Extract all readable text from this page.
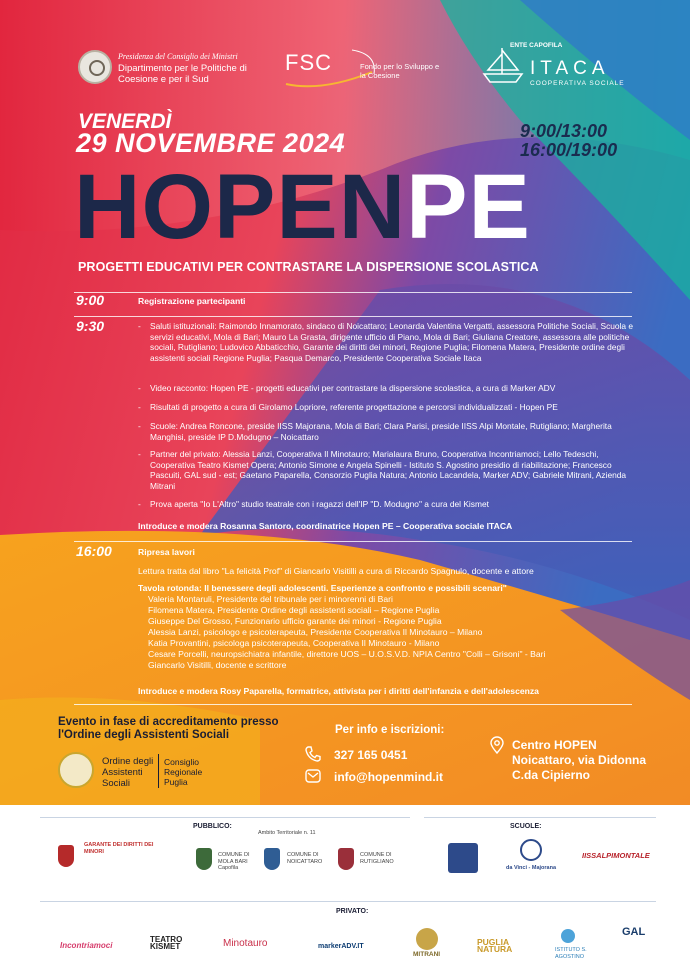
Presidenza del Consiglio dei Ministri
Dipartimento per le Politiche di Coesione e per il Sud
FSC	Fondo per lo Sviluppo e la Coesione
ENTE CAPOFILA
ITACA
COOPERATIVA SOCIALE
VENERDÌ
29 NOVEMBRE 2024	9:00/13:00
16:00/19:00
HOPENPE
PROGETTI EDUCATIVI PER CONTRASTARE LA DISPERSIONE SCOLASTICA
9:00	Registrazione partecipanti
9:30
-	Saluti istituzionali: Raimondo Innamorato, sindaco di Noicattaro; Leonarda Valentina Vergatti, assessora Politiche Sociali, Scuola e servizi educativi, Mola di Bari; Mauro La Grasta, dirigente ufficio di Piano, Mola di Bari; Giuliana Creatore, assessora alle politiche sociali, Rutigliano; Ludovico Abbaticchio, Garante dei diritti dei minori, Regione Puglia; Filomena Matera, Presidente ordine degli assistenti sociali Regione Puglia; Pasqua Demarco, Presidente Cooperativa Sociale Itaca
- Video racconto: Hopen PE - progetti educativi per contrastare la dispersione scolastica, a cura di Marker ADV
- Risultati di progetto a cura di Girolamo Lopriore, referente progettazione e percorsi individualizzati - Hopen PE
- Scuole: Andrea Roncone, preside IISS Majorana, Mola di Bari; Clara Parisi, preside IISS Alpi Montale, Rutigliano; Margherita Manghisi, preside IP D.Modugno – Noicattaro
- Partner del privato: Alessia Lanzi, Cooperativa Il Minotauro; Marialaura Bruno, Cooperativa Incontriamoci; Lello Tedeschi, Cooperativa Teatro Kismet Opera; Antonio Simone e Angela Spinelli - Istituto S. Agostino presidio di riabilitazione; Francesco Pascuiti, GAL sud - est; Gaetano Paparella, Consorzio Puglia Natura; Antonio Lacandela, Marker ADV; Gabriele Mitrani, Azienda Mitrani
- Prova aperta "Io L'Altro" studio teatrale con i ragazzi dell'IP "D. Modugno" a cura del Kismet
Introduce e modera Rosanna Santoro, coordinatrice Hopen PE – Cooperativa sociale ITACA
16:00	Ripresa lavori
Lettura tratta dal libro "La felicità Prof" di Giancarlo Visitilli a cura di Riccardo Spagnulo, docente e attore
Tavola rotonda: Il benessere degli adolescenti. Esperienze a confronto e possibili scenari"
Valeria Montaruli, Presidente del tribunale per i minorenni di Bari
Filomena Matera, Presidente Ordine degli assistenti sociali – Regione Puglia
Giuseppe Del Grosso, Funzionario ufficio garante dei minori - Regione Puglia
Alessia Lanzi, psicologo e psicoterapeuta, Presidente Cooperativa Il Minotauro – Milano
Katia Provantini, psicologa psicoterapeuta, Cooperativa Il Minotauro - Milano
Cesare Porcelli, neuropsichiatra infantile, direttore UOS – U.O.S.V.D. NPIA Centro "Colli – Grisoni" - Bari
Giancarlo Visitilli, docente e scrittore
Introduce e modera Rosy Paparella, formatrice, attivista per i diritti dell'infanzia e dell'adolescenza
Evento in fase di accreditamento presso l'Ordine degli Assistenti Sociali
Ordine degli Assistenti Sociali
Consiglio Regionale Puglia
Per info e iscrizioni:
327 165 0451
info@hopenmind.it
Centro HOPEN
Noicattaro, via Didonna
C.da Cipierno
PUBBLICO:
Ambito Territoriale n. 11
GARANTE DEI DIRITTI DEI MINORI
COMUNE DI MOLA BARI Capofila
COMUNE DI NOICATTARO
COMUNE DI RUTIGLIANO
SCUOLE:
da Vinci - Majorana
IISSALPIMONTALE
PRIVATO:
Incontriamoci
TEATRO KISMET	Minotauro	markerADV.IT
MITRANI
PUGLIA NATURA	ISTITUTO S. AGOSTINO
GAL
